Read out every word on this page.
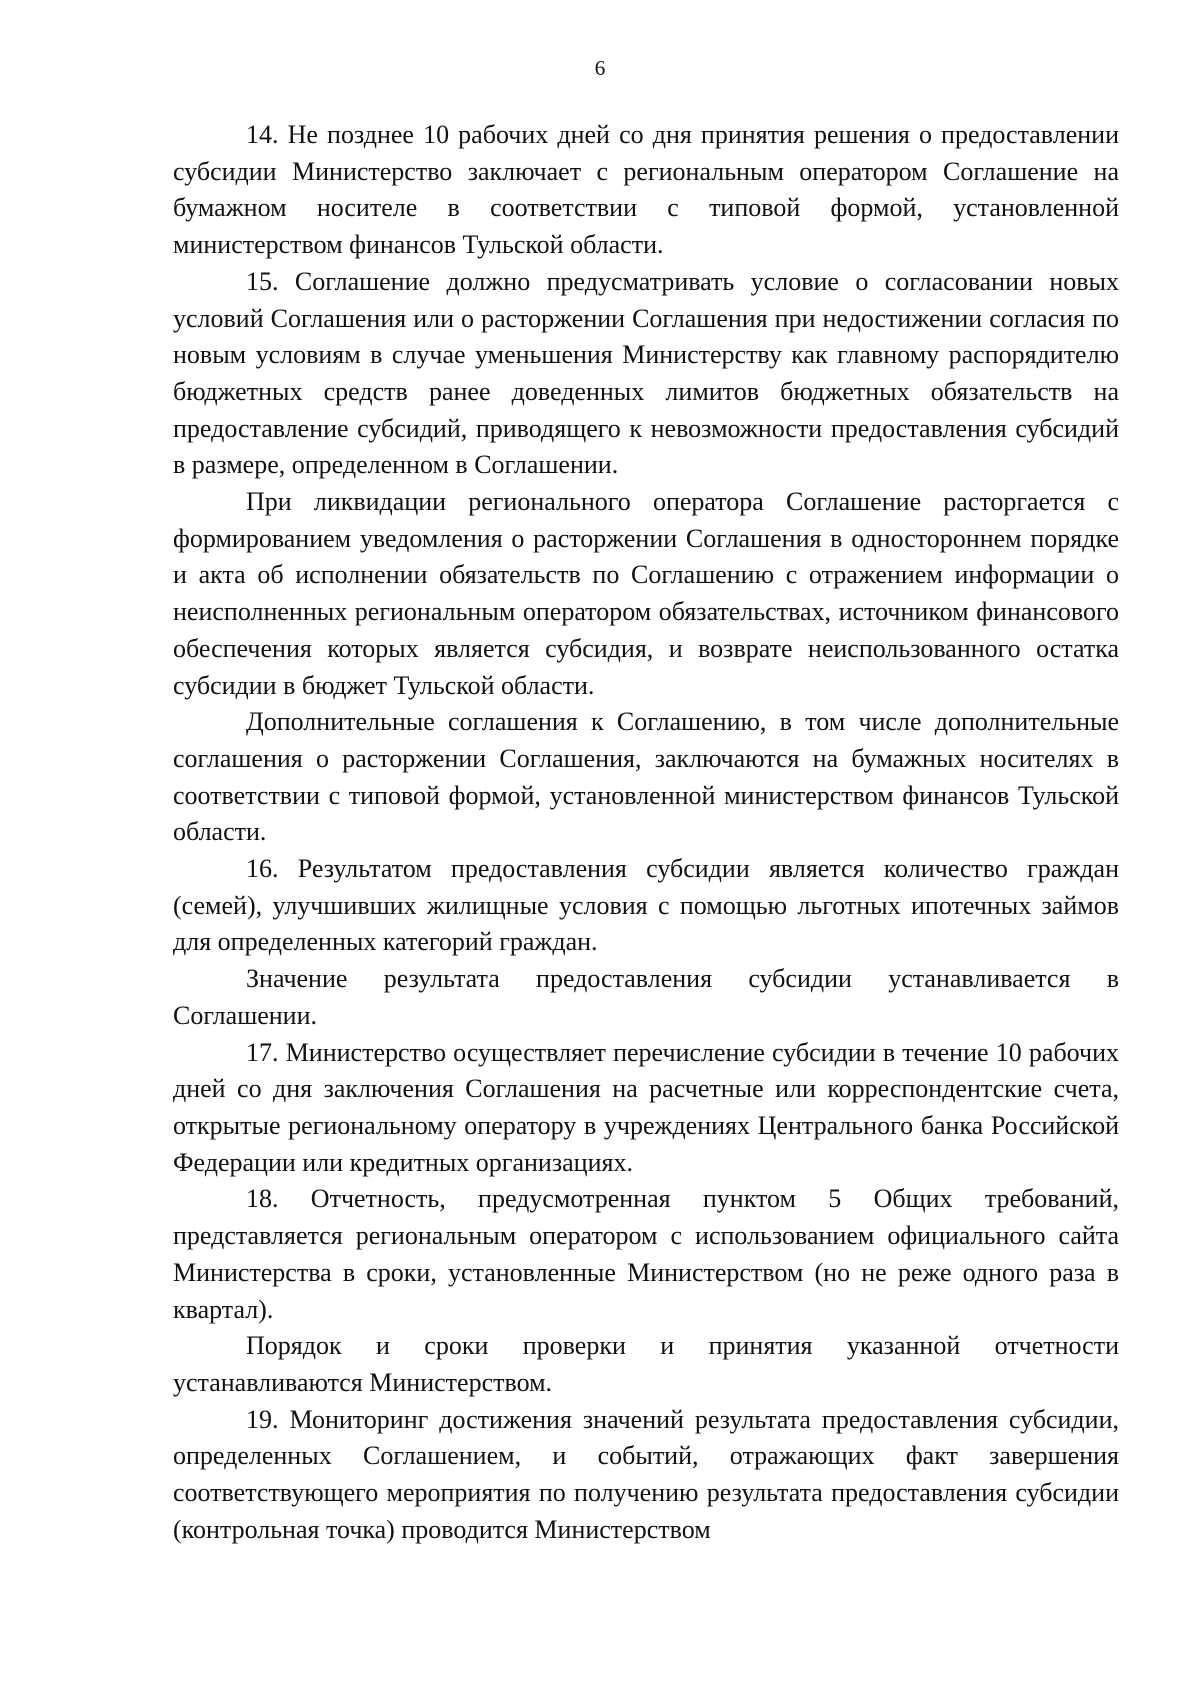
6

14. Не позднее 10 рабочих дней со дня принятия решения о предоставлении субсидии Министерство заключает с региональным оператором Соглашение на бумажном носителе в соответствии с типовой формой, установленной министерством финансов Тульской области.

15. Соглашение должно предусматривать условие о согласовании новых условий Соглашения или о расторжении Соглашения при недостижении согласия по новым условиям в случае уменьшения Министерству как главному распорядителю бюджетных средств ранее доведенных лимитов бюджетных обязательств на предоставление субсидий, приводящего к невозможности предоставления субсидий в размере, определенном в Соглашении.

При ликвидации регионального оператора Соглашение расторгается с формированием уведомления о расторжении Соглашения в одностороннем порядке и акта об исполнении обязательств по Соглашению с отражением информации о неисполненных региональным оператором обязательствах, источником финансового обеспечения которых является субсидия, и возврате неиспользованного остатка субсидии в бюджет Тульской области.

Дополнительные соглашения к Соглашению, в том числе дополнительные соглашения о расторжении Соглашения, заключаются на бумажных носителях в соответствии с типовой формой, установленной министерством финансов Тульской области.

16. Результатом предоставления субсидии является количество граждан (семей), улучшивших жилищные условия с помощью льготных ипотечных займов для определенных категорий граждан.

Значение результата предоставления субсидии устанавливается в Соглашении.

17. Министерство осуществляет перечисление субсидии в течение 10 рабочих дней со дня заключения Соглашения на расчетные или корреспондентские счета, открытые региональному оператору в учреждениях Центрального банка Российской Федерации или кредитных организациях.

18. Отчетность, предусмотренная пунктом 5 Общих требований, представляется региональным оператором с использованием официального сайта Министерства в сроки, установленные Министерством (но не реже одного раза в квартал).

Порядок и сроки проверки и принятия указанной отчетности устанавливаются Министерством.

19. Мониторинг достижения значений результата предоставления субсидии, определенных Соглашением, и событий, отражающих факт завершения соответствующего мероприятия по получению результата предоставления субсидии (контрольная точка) проводится Министерством
